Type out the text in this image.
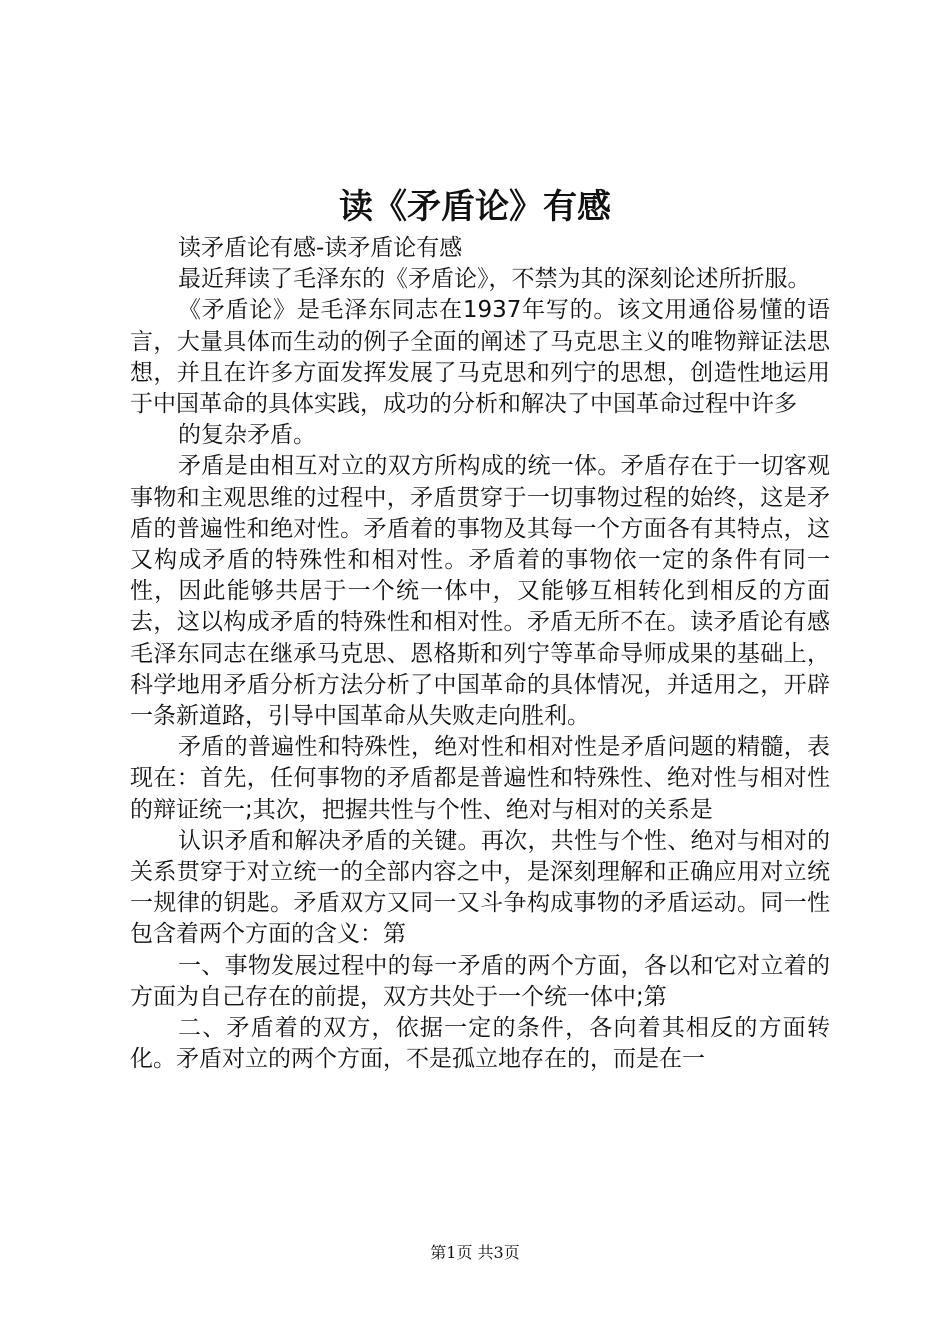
读《矛盾论》有感

读矛盾论有感-读矛盾论有感

最近拜读了毛泽东的《矛盾论》，不禁为其的深刻论述所折服。

《矛盾论》是毛泽东同志在1937年写的。该文用通俗易懂的语言，大量具体而生动的例子全面的阐述了马克思主义的唯物辩证法思想，并且在许多方面发挥发展了马克思和列宁的思想，创造性地运用于中国革命的具体实践，成功的分析和解决了中国革命过程中许多

的复杂矛盾。

矛盾是由相互对立的双方所构成的统一体。矛盾存在于一切客观事物和主观思维的过程中，矛盾贯穿于一切事物过程的始终，这是矛盾的普遍性和绝对性。矛盾着的事物及其每一个方面各有其特点，这又构成矛盾的特殊性和相对性。矛盾着的事物依一定的条件有同一性，因此能够共居于一个统一体中，又能够互相转化到相反的方面去，这以构成矛盾的特殊性和相对性。矛盾无所不在。读矛盾论有感毛泽东同志在继承马克思、恩格斯和列宁等革命导师成果的基础上，科学地用矛盾分析方法分析了中国革命的具体情况，并适用之，开辟一条新道路，引导中国革命从失败走向胜利。

矛盾的普遍性和特殊性，绝对性和相对性是矛盾问题的精髓，表现在：首先，任何事物的矛盾都是普遍性和特殊性、绝对性与相对性的辩证统一;其次，把握共性与个性、绝对与相对的关系是

认识矛盾和解决矛盾的关键。再次，共性与个性、绝对与相对的关系贯穿于对立统一的全部内容之中，是深刻理解和正确应用对立统一规律的钥匙。矛盾双方又同一又斗争构成事物的矛盾运动。同一性包含着两个方面的含义：第

一、事物发展过程中的每一矛盾的两个方面，各以和它对立着的方面为自己存在的前提，双方共处于一个统一体中;第

二、矛盾着的双方，依据一定的条件，各向着其相反的方面转化。矛盾对立的两个方面，不是孤立地存在的，而是在一

第1页 共3页
